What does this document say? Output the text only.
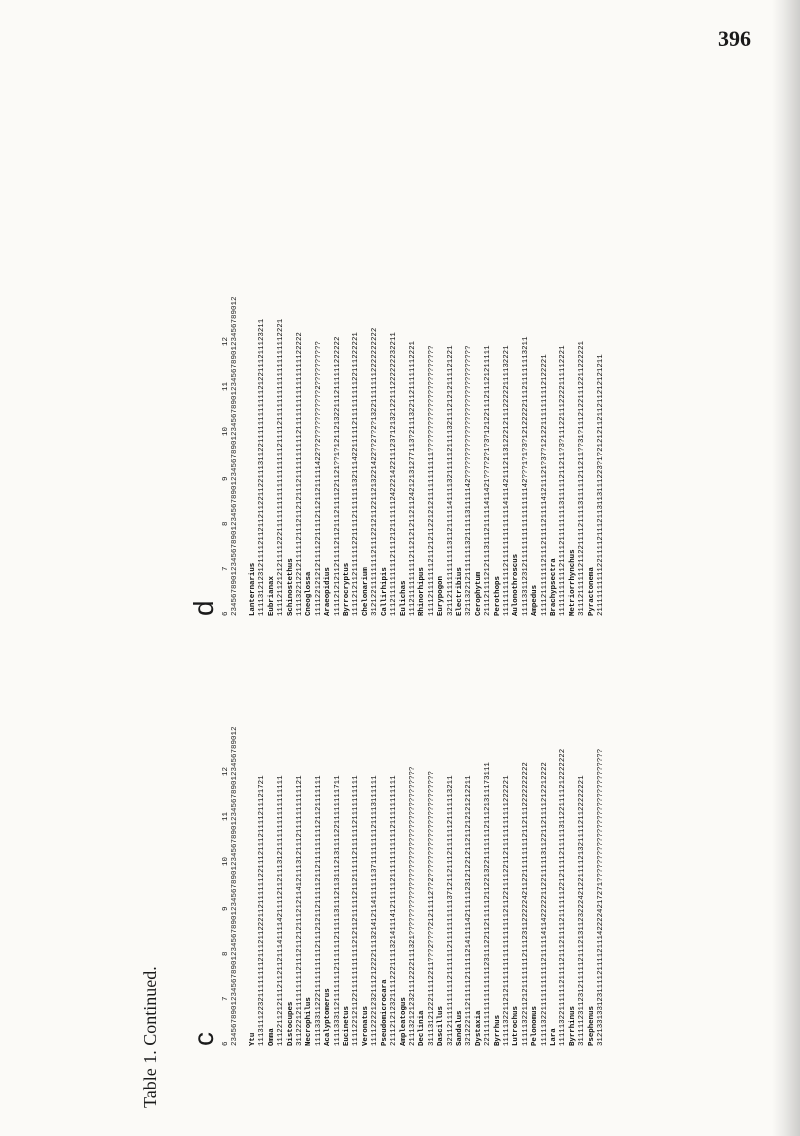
396
Table 1. Continued. c 6         7         8         9         10        11        12 23456789012345678901234567890123456789012345678901234567890123456789012 Ytu 1113111223211111111211121122211211111122111211121111211121721 Omma 1112211212111211211211141111421111211211131211111111111111111 Distocupes 3112221211111111121112112121112121141211131211121111111111121 Necrophilus 1111333112221111111111211121211211111211211111111121121111111 Acalyptomerus 1111333112111111121111112111113111211311121311112211111111711 Eucinetus 1111221211221111111111121211211111211211111211111121111111111 Veronatus 1111222212321112122221113214121141111113711111111211113111111 Pseudomicrocara 2111212123211112221111321411141211111211111111111211111111111 Ampleatogus 2111321212321112222111321?????????????????????????????????????? Declinia 3111312122211112211???2????21211112??2???????????????????????? Dascillus 3211211111111112111111211111111113712112111211111121111113211 Sandalus 3212221112111112111112141111421111123121221211211212121212211 Dystaxia 2211111111111111112311122112111112112213221111111211121311173111 Byrrhus 1111132211212111111111111111112112211112211211111111111222221 Lutrochus 1111132211212111111121112311222224211221111111121121112222222222 Pelonomus 1111132211111111111211111411422222112211111311221121111212212222 Lara 1111132211111121111211121111211111122121111211111311221111212222222 Byrrhinus 3111112311231211111211121311232224212211112132111121122222221 Psephenus 3121331331231111211112111422224217271??????????????????????????????
d 6         7         8         9         10        11        12 23456789012345678901234567890123456789012345678901234567890123456789012 Lanternarius 1111312123121111211211211221122111311221111111111112122111211123211 Eubrianax 1111211212121111222111111111111111111121111211111111111111111112221 Schinostethus 1111322122121111121112112121112111111111121111111111111111122222 Cneoglossa 1111221212121111221111211211211111422??2???????????2?????????? Araeopidius 1111212121121111211211121111221121??1?1211213221112111111222222 Byrrocryptus 1111212112111111221111211111113211142211111211111111122111222221 Chelonarium 3121221111111121112212112211213221422??27?2?132211111112222222222 Callirhipis 1112111111111211121211111124222142211123712132122111222222232211 Eulichas 1112111111111211212121121124212131277113?211132211211111112221 Rhinorhipus 1111211111112112121122121211111111111???????????????????????? Eurypogon 3211211111111111311211111411113211111211113211121212111121221 Electribius 3211322121111111321111131111142?????????????????????????????? Cerophytum 2111211112121113111211111411421??7?2?1?3?12122111211121211111 Perothops 1111111111121111111111111411142111211312221211122222111132221 Aulonothroscus 1111331123121111111111111111142???1?1?3?12122222111211111113211 Ampedus 1111211111112111211112111141211121?37?121221111111112122221 Brachypsectra 1111111111121111211111111311111211211?3?111221112222111112221 Metriorrhynchus 3111211111121122111121111311111211211??31?11121221112211222221 Pyractonema 2111111111122111121112113113111223?1?2121211211211212121211
